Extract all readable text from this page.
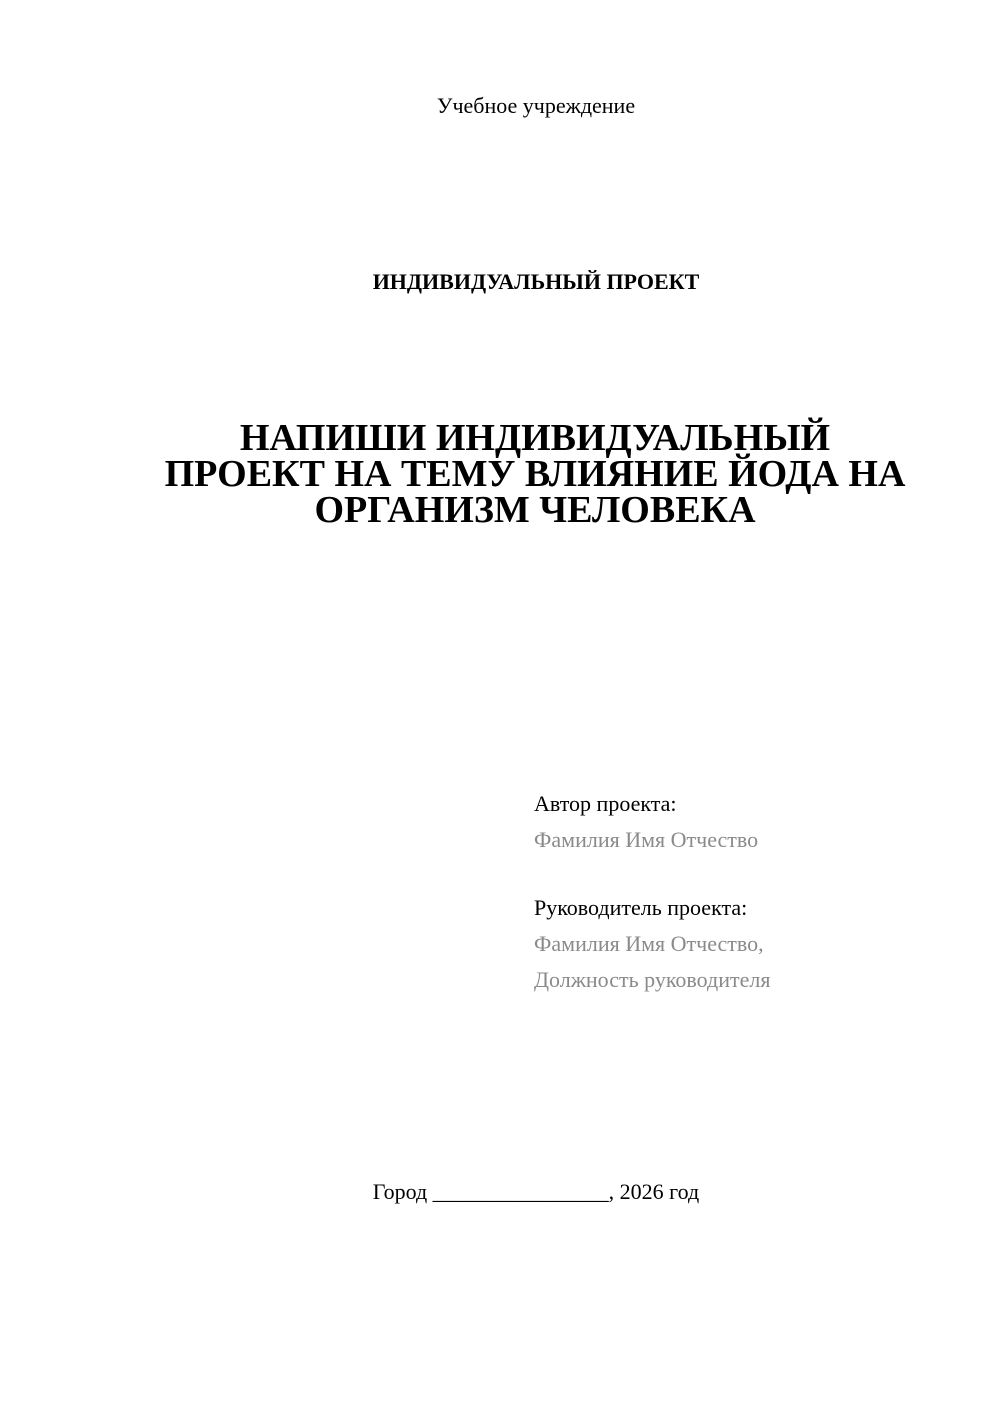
Учебное учреждение
ИНДИВИДУАЛЬНЫЙ ПРОЕКТ
НАПИШИ ИНДИВИДУАЛЬНЫЙ
ПРОЕКТ НА ТЕМУ ВЛИЯНИЕ ЙОДА НА
ОРГАНИЗМ ЧЕЛОВЕКА
Автор проекта:
Фамилия Имя Отчество
Руководитель проекта:
Фамилия Имя Отчество,
Должность руководителя
Город ________________, 2026 год
